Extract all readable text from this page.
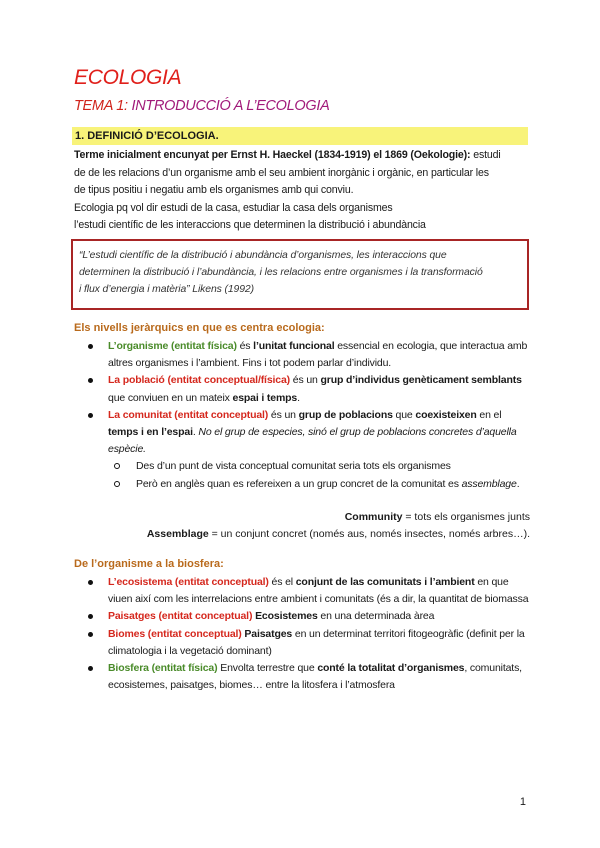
ECOLOGIA
TEMA 1: INTRODUCCIÓ A L’ECOLOGIA
1. DEFINICIÓ D’ECOLOGIA.
Terme inicialment encunyat per Ernst H. Haeckel (1834-1919) el 1869 (Oekologie): estudi
de de les relacions d’un organisme amb el seu ambient inorgànic i orgànic, en particular les
de tipus positiu i negatiu amb els organismes amb qui conviu.
Ecologia pq vol dir estudi de la casa, estudiar la casa dels organismes
l’estudi científic de les interaccions que determinen la distribució i abundància
“L’estudi científic de la distribució i abundància d’organismes, les interaccions que
determinen la distribució i l’abundància, i les relacions entre organismes i la transformació
i flux d’energia i matèria” Likens (1992)
Els nivells jeràrquics en que es centra ecologia:
L’organisme (entitat física) és l’unitat funcional essencial en ecologia, que interactua amb altres organismes i l’ambient. Fins i tot podem parlar d’individu.
La població (entitat conceptual/física) és un grup d’individus genèticament semblants que conviuen en un mateix espai i temps.
La comunitat (entitat conceptual) és un grup de poblacions que coexisteixen en el temps i en l’espai. No el grup de especies, sinó el grup de poblacions concretes d’aquella espècie.
Des d’un punt de vista conceptual comunitat seria tots els organismes
Però en anglès quan es refereixen a un grup concret de la comunitat es assemblage.
Community = tots els organismes junts
Assemblage = un conjunt concret (només aus, només insectes, només arbres…).
De l’organisme a la biosfera:
L’ecosistema (entitat conceptual) és el conjunt de las comunitats i l’ambient en que viuen així com les interrelacions entre ambient i comunitats (és a dir, la quantitat de biomassa
Paisatges (entitat conceptual) Ecosistemes en una determinada àrea
Biomes (entitat conceptual) Paisatges en un determinat territori fitogeogràfic (definit per la climatologia i la vegetació dominant)
Biosfera (entitat física) Envolta terrestre que conté la totalitat d’organismes, comunitats, ecosistemes, paisatges, biomes… entre la litosfera i l’atmosfera
1
